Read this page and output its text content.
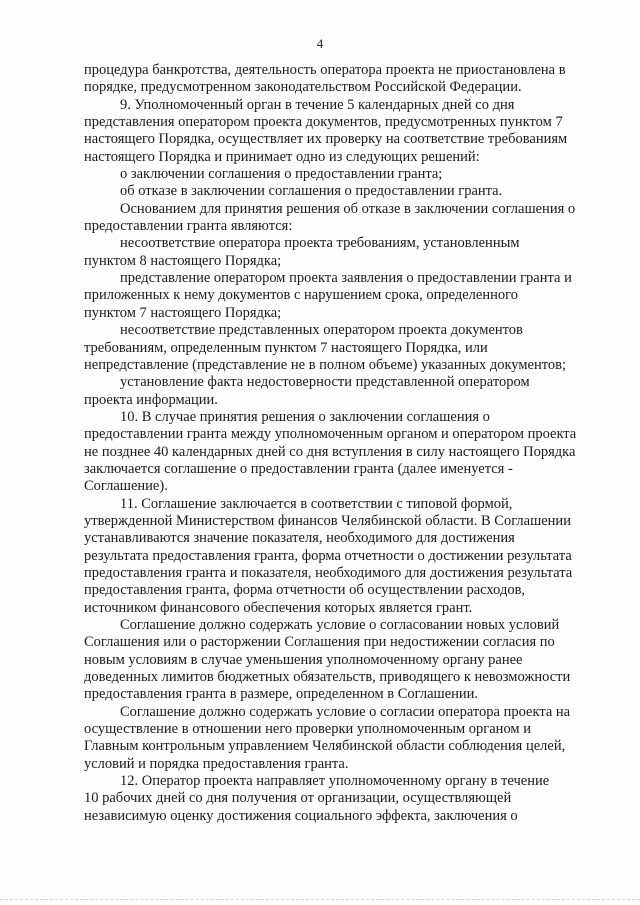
4
процедура банкротства, деятельность оператора проекта не приостановлена в
порядке, предусмотренном законодательством Российской Федерации.
9. Уполномоченный орган в течение 5 календарных дней со дня
представления оператором проекта документов, предусмотренных пунктом 7
настоящего Порядка, осуществляет их проверку на соответствие требованиям
настоящего Порядка и принимает одно из следующих решений:
о заключении соглашения о предоставлении гранта;
об отказе в заключении соглашения о предоставлении гранта.
Основанием для принятия решения об отказе в заключении соглашения о
предоставлении гранта являются:
несоответствие оператора проекта требованиям, установленным
пунктом 8 настоящего Порядка;
представление оператором проекта заявления о предоставлении гранта и
приложенных к нему документов с нарушением срока, определенного
пунктом 7 настоящего Порядка;
несоответствие представленных оператором проекта документов
требованиям, определенным пунктом 7 настоящего Порядка, или
непредставление (представление не в полном объеме) указанных документов;
установление факта недостоверности представленной оператором
проекта информации.
10. В случае принятия решения о заключении соглашения о
предоставлении гранта между уполномоченным органом и оператором проекта
не позднее 40 календарных дней со дня вступления в силу настоящего Порядка
заключается соглашение о предоставлении гранта (далее именуется -
Соглашение).
11. Соглашение заключается в соответствии с типовой формой,
утвержденной Министерством финансов Челябинской области. В Соглашении
устанавливаются значение показателя, необходимого для достижения
результата предоставления гранта, форма отчетности о достижении результата
предоставления гранта и показателя, необходимого для достижения результата
предоставления гранта, форма отчетности об осуществлении расходов,
источником финансового обеспечения которых является грант.
Соглашение должно содержать условие о согласовании новых условий
Соглашения или о расторжении Соглашения при недостижении согласия по
новым условиям в случае уменьшения уполномоченному органу ранее
доведенных лимитов бюджетных обязательств, приводящего к невозможности
предоставления гранта в размере, определенном в Соглашении.
Соглашение должно содержать условие о согласии оператора проекта на
осуществление в отношении него проверки уполномоченным органом и
Главным контрольным управлением Челябинской области соблюдения целей,
условий и порядка предоставления гранта.
12. Оператор проекта направляет уполномоченному органу в течение
10 рабочих дней со дня получения от организации, осуществляющей
независимую оценку достижения социального эффекта, заключения о
